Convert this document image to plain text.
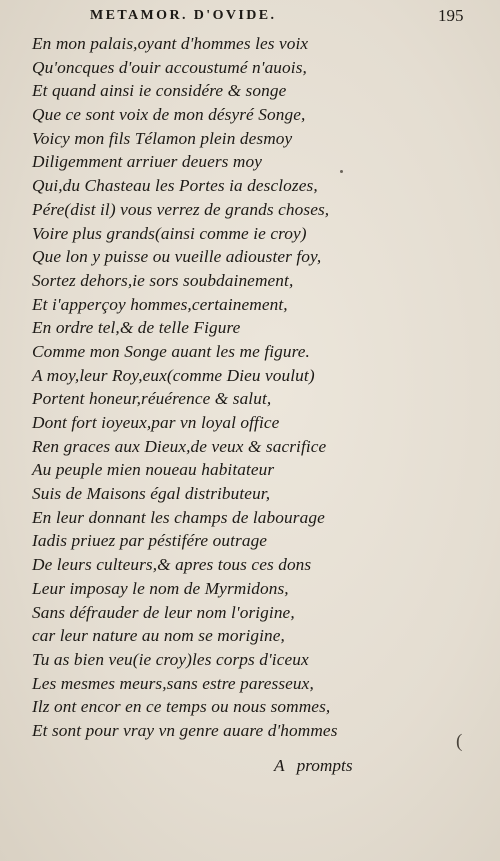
METAMOR. D'OVIDE.	195
En mon palais,oyant d'hommes les voix
Qu'oncques d'ouir accoustumé n'auois,
Et quand ainsi ie considére & songe
Que ce sont voix de mon désyré Songe,
Voicy mon fils Télamon plein desmoy
Diligemment arriuer deuers moy
Qui,du Chasteau les Portes ia desclozes,
Pére(dist il) vous verrez de grands choses,
Voire plus grands(ainsi comme ie croy)
Que lon y puisse ou vueille adiouster foy,
Sortez dehors,ie sors soubdainement,
Et i'apperçoy hommes,certainement,
En ordre tel,& de telle Figure
Comme mon Songe auant les me figure.
A moy,leur Roy,eux(comme Dieu voulut)
Portent honeur,réuérence & salut,
Dont fort ioyeux,par vn loyal office
Ren graces aux Dieux,de veux & sacrifice
Au peuple mien noueau habitateur
Suis de Maisons égal distributeur,
En leur donnant les champs de labourage
Iadis priuez par péstifére outrage
De leurs culteurs,& apres tous ces dons
Leur imposay le nom de Myrmidons,
Sans défrauder de leur nom l'origine,
car leur nature au nom se morigine,
Tu as bien veu(ie croy)les corps d'iceux
Les mesmes meurs,sans estre paresseux,
Ilz ont encor en ce temps ou nous sommes,
Et sont pour vray vn genre auare d'hommes
A prompts
(
